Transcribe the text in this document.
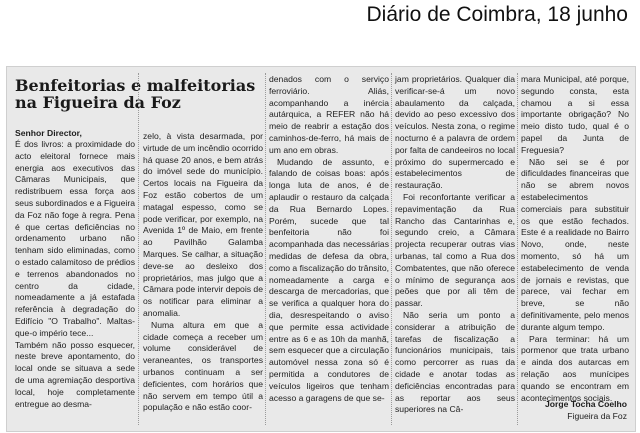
Diário de Coimbra, 18 junho
Benfeitorias e malfeitorias
na Figueira da Foz
Senhor Director,

É dos livros: a proximidade do acto eleitoral fornece mais energia aos executivos das Câmaras Municipais, que redistribuem essa força aos seus subordinados e a Figueira da Foz não foge à regra. Pena é que certas deficiências no ordenamento urbano não tenham sido eliminadas, como o estado calamitoso de prédios e terrenos abandonados no centro da cidade, nomeadamente a já estafada referência à degradação do Edifício "O Trabalho". Maltas-que-o império tece...

Também não posso esquecer, neste breve apontamento, do local onde se situava a sede de uma agremiação desportiva local, hoje completamente entregue ao desma-

zelo, à vista desarmada, por virtude de um incêndio ocorrido há quase 20 anos, e bem atrás do imóvel sede do município. Certos locais na Figueira da Foz estão cobertos de um matagal espesso, como se pode verificar, por exemplo, na Avenida 1º de Maio, em frente ao Pavilhão Galamba Marques. Se calhar, a situação deve-se ao desleixo dos proprietários, mas julgo que a Câmara pode intervir depois de os notificar para eliminar a anomalia.

Numa altura em que a cidade começa a receber um volume considerável de veraneantes, os transportes urbanos continuam a ser deficientes, com horários que não servem em tempo útil a população e não estão coor-

denados com o serviço ferroviário. Aliás, acompanhando a inércia autárquica, a REFER não há meio de reabrir a estação dos caminhos-de-ferro, há mais de um ano em obras.

Mudando de assunto, e falando de coisas boas: após longa luta de anos, é de aplaudir o restauro da calçada da Rua Bernardo Lopes. Porém, sucede que tal benfeitoria não foi acompanhada das necessárias medidas de defesa da obra, como a fiscalização do trânsito, nomeadamente a carga e descarga de mercadorias, que se verifica a qualquer hora do dia, desrespeitando o aviso que permite essa actividade entre as 6 e as 10h da manhã, sem esquecer que a circulação automóvel nessa zona só é permitida a condutores de veículos ligeiros que tenham acesso a garagens de que se-

jam proprietários. Qualquer dia verificar-se-á um novo abaulamento da calçada, devido ao peso excessivo dos veículos. Nesta zona, o regime nocturno é a palavra de ordem por falta de candeeiros no local próximo do supermercado e estabelecimentos de restauração.

Foi reconfortante verificar a repavimentação da Rua Rancho das Cantarinhas e, segundo creio, a Câmara projecta recuperar outras vias urbanas, tal como a Rua dos Combatentes, que não oferece o mínimo de segurança aos peões que por ali têm de passar.

Não seria um ponto a considerar a atribuição de tarefas de fiscalização a funcionários municipais, tais como percorrer as ruas da cidade e anotar todas as deficiências encontradas para as reportar aos seus superiores na Câ-

mara Municipal, até porque, segundo consta, esta chamou a si essa importante obrigação? No meio disto tudo, qual é o papel da Junta de Freguesia?

Não sei se é por dificuldades financeiras que não se abrem novos estabelecimentos comerciais para substituir os que estão fechados. Este é a realidade no Bairro Novo, onde, neste momento, só há um estabelecimento de venda de jornais e revistas, que parece, vai fechar em breve, se não definitivamente, pelo menos durante algum tempo.

Para terminar: há um pormenor que trata urbano e ainda dos autarcas em relação aos munícipes quando se encontram em acontecimentos sociais.

Jorge Tocha Coelho
Figueira da Foz
